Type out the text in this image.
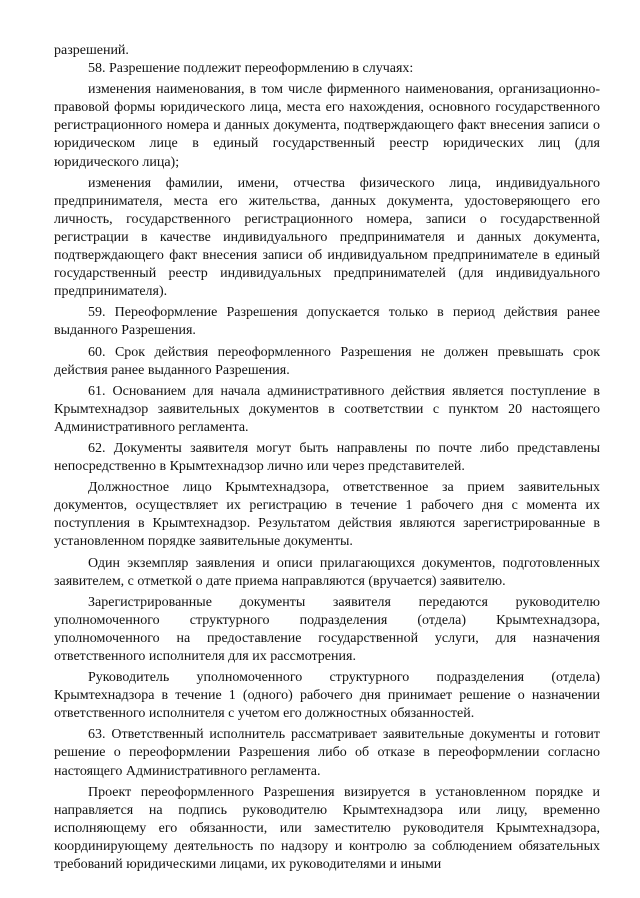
разрешений.

58. Разрешение подлежит переоформлению в случаях:

изменения наименования, в том числе фирменного наименования, организационно-правовой формы юридического лица, места его нахождения, основного государственного регистрационного номера и данных документа, подтверждающего факт внесения записи о юридическом лице в единый государственный реестр юридических лиц (для юридического лица);

изменения фамилии, имени, отчества физического лица, индивидуального предпринимателя, места его жительства, данных документа, удостоверяющего его личность, государственного регистрационного номера, записи о государственной регистрации в качестве индивидуального предпринимателя и данных документа, подтверждающего факт внесения записи об индивидуальном предпринимателе в единый государственный реестр индивидуальных предпринимателей (для индивидуального предпринимателя).

59. Переоформление Разрешения допускается только в период действия ранее выданного Разрешения.

60. Срок действия переоформленного Разрешения не должен превышать срок действия ранее выданного Разрешения.

61. Основанием для начала административного действия является поступление в Крымтехнадзор заявительных документов в соответствии с пунктом 20 настоящего Административного регламента.

62. Документы заявителя могут быть направлены по почте либо представлены непосредственно в Крымтехнадзор лично или через представителей.

Должностное лицо Крымтехнадзора, ответственное за прием заявительных документов, осуществляет их регистрацию в течение 1 рабочего дня с момента их поступления в Крымтехнадзор. Результатом действия являются зарегистрированные в установленном порядке заявительные документы.

Один экземпляр заявления и описи прилагающихся документов, подготовленных заявителем, с отметкой о дате приема направляются (вручается) заявителю.

Зарегистрированные документы заявителя передаются руководителю уполномоченного структурного подразделения (отдела) Крымтехнадзора, уполномоченного на предоставление государственной услуги, для назначения ответственного исполнителя для их рассмотрения.

Руководитель уполномоченного структурного подразделения (отдела) Крымтехнадзора в течение 1 (одного) рабочего дня принимает решение о назначении ответственного исполнителя с учетом его должностных обязанностей.

63. Ответственный исполнитель рассматривает заявительные документы и готовит решение о переоформлении Разрешения либо об отказе в переоформлении согласно настоящего Административного регламента.

Проект переоформленного Разрешения визируется в установленном порядке и направляется на подпись руководителю Крымтехнадзора или лицу, временно исполняющему его обязанности, или заместителю руководителя Крымтехнадзора, координирующему деятельность по надзору и контролю за соблюдением обязательных требований юридическими лицами, их руководителями и иными
